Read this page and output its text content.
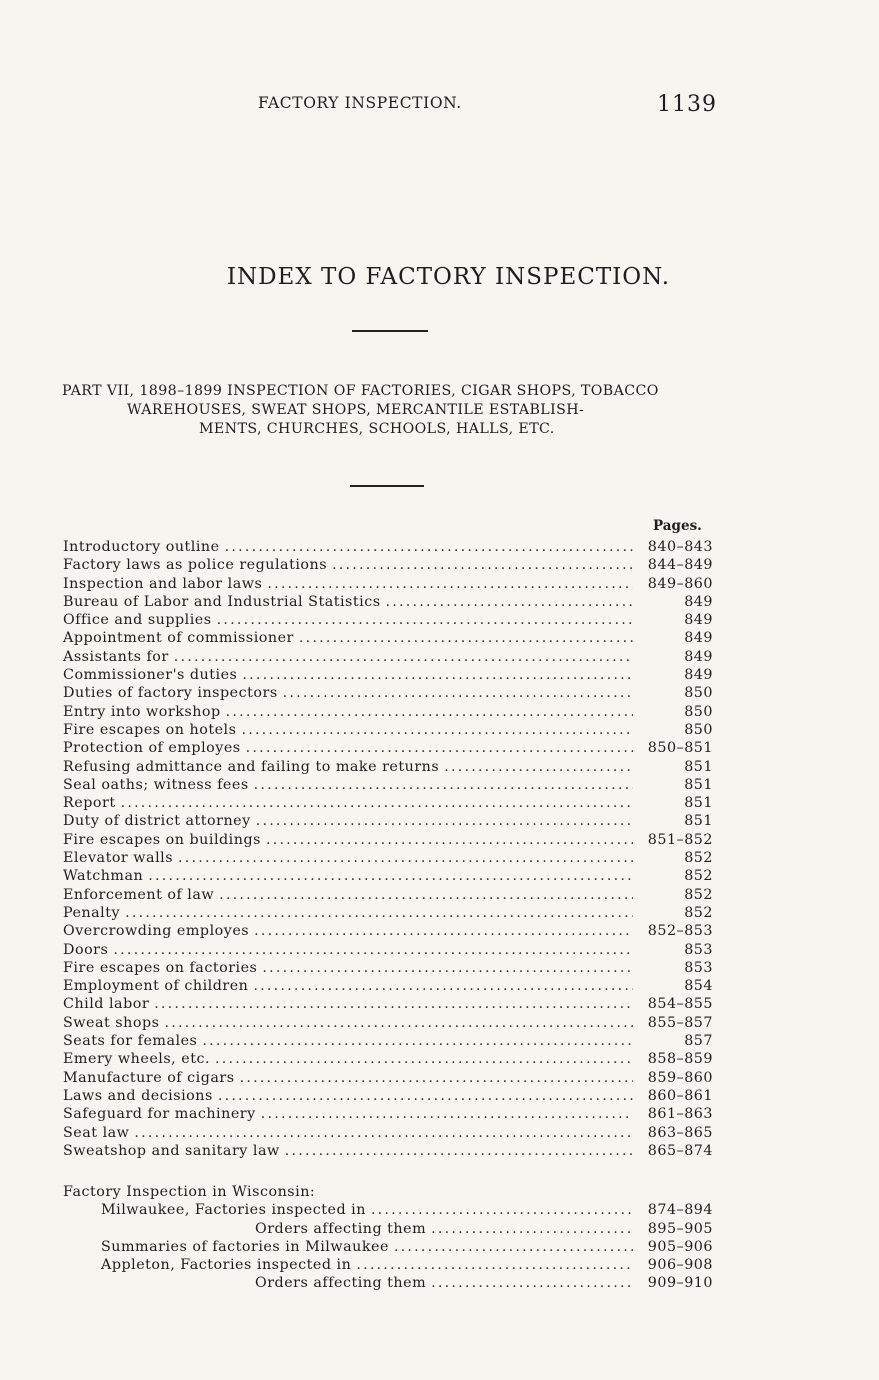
FACTORY INSPECTION.	1139
INDEX TO FACTORY INSPECTION.
PART VII, 1898–1899 INSPECTION OF FACTORIES, CIGAR SHOPS, TOBACCO
WAREHOUSES, SWEAT SHOPS, MERCANTILE ESTABLISH-
MENTS, CHURCHES, SCHOOLS, HALLS, ETC.
Pages.
Introductory outline .....	840–843
Factory laws as police regulations .....	844–849
Inspection and labor laws .....	849–860
Bureau of Labor and Industrial Statistics .....	849
Office and supplies .....	849
Appointment of commissioner .....	849
Assistants for .....	849
Commissioner's duties .....	849
Duties of factory inspectors .....	850
Entry into workshop .....	850
Fire escapes on hotels .....	850
Protection of employes .....	850–851
Refusing admittance and failing to make returns .....	851
Seal oaths; witness fees .....	851
Report .....	851
Duty of district attorney .....	851
Fire escapes on buildings .....	851–852
Elevator walls .....	852
Watchman .....	852
Enforcement of law .....	852
Penalty .....	852
Overcrowding employes .....	852–853
Doors .....	853
Fire escapes on factories .....	853
Employment of children .....	854
Child labor .....	854–855
Sweat shops .....	855–857
Seats for females .....	857
Emery wheels, etc. .....	858–859
Manufacture of cigars .....	859–860
Laws and decisions .....	860–861
Safeguard for machinery .....	861–863
Seat law .....	863–865
Sweatshop and sanitary law .....	865–874
Factory Inspection in Wisconsin:
Milwaukee, Factories inspected in .....	874–894
Orders affecting them .....	895–905
Summaries of factories in Milwaukee .....	905–906
Appleton, Factories inspected in .....	906–908
Orders affecting them .....	909–910
